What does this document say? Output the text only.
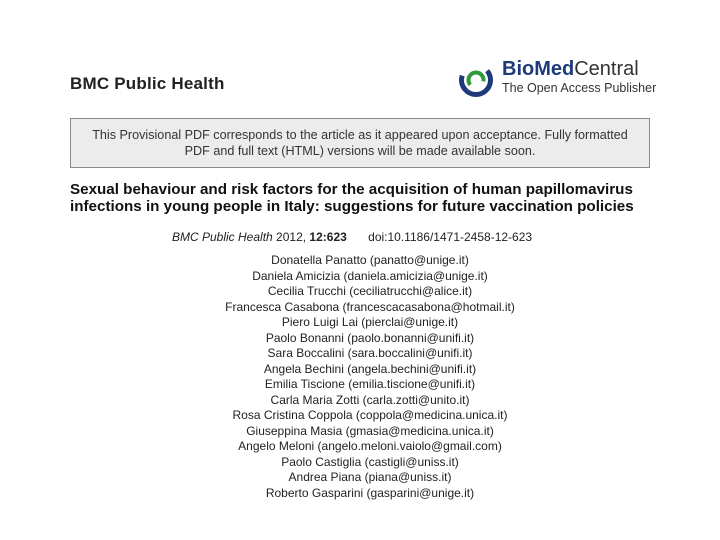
BMC Public Health
BioMedCentral
The Open Access Publisher
This Provisional PDF corresponds to the article as it appeared upon acceptance. Fully formatted PDF and full text (HTML) versions will be made available soon.
Sexual behaviour and risk factors for the acquisition of human papillomavirus infections in young people in Italy: suggestions for future vaccination policies
BMC Public Health 2012, 12:623 doi:10.1186/1471-2458-12-623
Donatella Panatto (panatto@unige.it)
Daniela Amicizia (daniela.amicizia@unige.it)
Cecilia Trucchi (ceciliatrucchi@alice.it)
Francesca Casabona (francescacasabona@hotmail.it)
Piero Luigi Lai (pierclai@unige.it)
Paolo Bonanni (paolo.bonanni@unifi.it)
Sara Boccalini (sara.boccalini@unifi.it)
Angela Bechini (angela.bechini@unifi.it)
Emilia Tiscione (emilia.tiscione@unifi.it)
Carla Maria Zotti (carla.zotti@unito.it)
Rosa Cristina Coppola (coppola@medicina.unica.it)
Giuseppina Masia (gmasia@medicina.unica.it)
Angelo Meloni (angelo.meloni.vaiolo@gmail.com)
Paolo Castiglia (castigli@uniss.it)
Andrea Piana (piana@uniss.it)
Roberto Gasparini (gasparini@unige.it)
